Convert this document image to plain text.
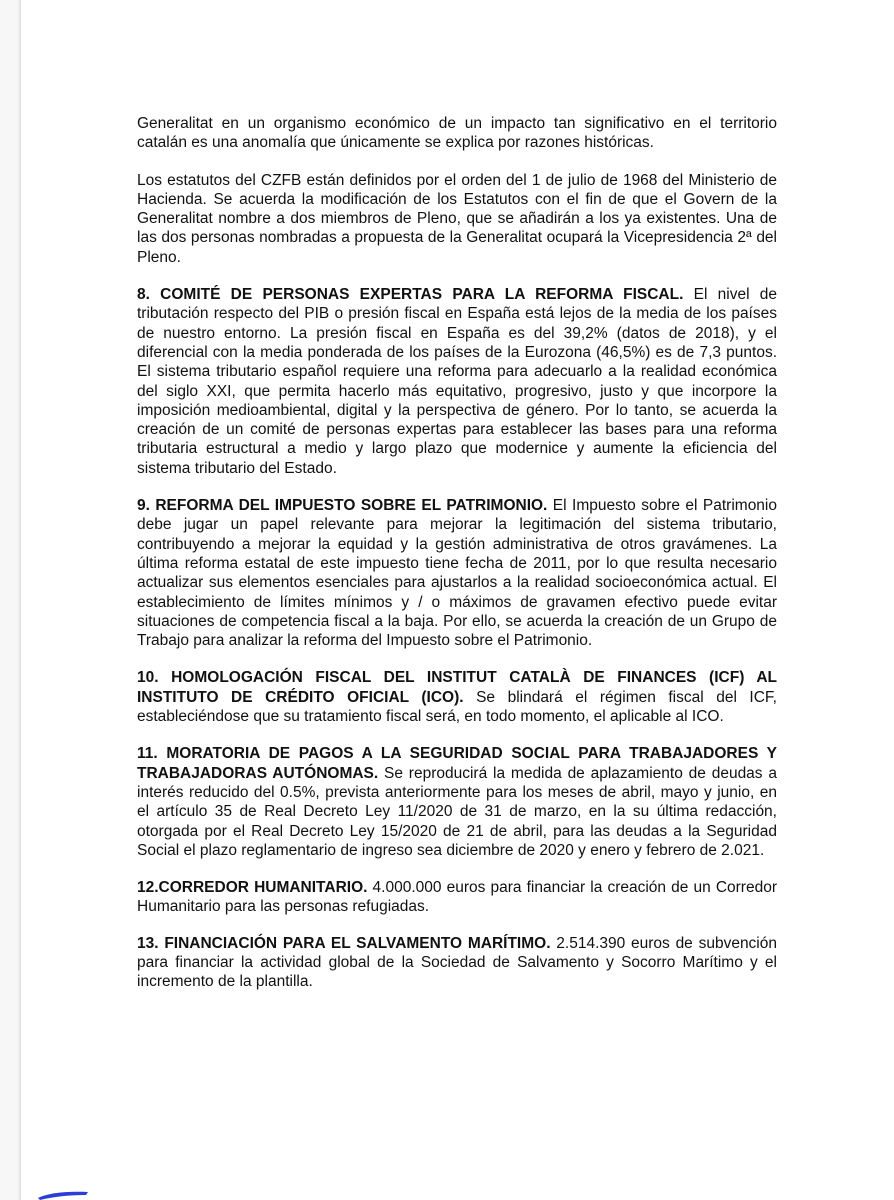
Generalitat en un organismo económico de un impacto tan significativo en el territorio catalán es una anomalía que únicamente se explica por razones históricas.

Los estatutos del CZFB están definidos por el orden del 1 de julio de 1968 del Ministerio de Hacienda. Se acuerda la modificación de los Estatutos con el fin de que el Govern de la Generalitat nombre a dos miembros de Pleno, que se añadirán a los ya existentes. Una de las dos personas nombradas a propuesta de la Generalitat ocupará la Vicepresidencia 2ª del Pleno.

8. COMITÉ DE PERSONAS EXPERTAS PARA LA REFORMA FISCAL. El nivel de tributación respecto del PIB o presión fiscal en España está lejos de la media de los países de nuestro entorno. La presión fiscal en España es del 39,2% (datos de 2018), y el diferencial con la media ponderada de los países de la Eurozona (46,5%) es de 7,3 puntos. El sistema tributario español requiere una reforma para adecuarlo a la realidad económica del siglo XXI, que permita hacerlo más equitativo, progresivo, justo y que incorpore la imposición medioambiental, digital y la perspectiva de género. Por lo tanto, se acuerda la creación de un comité de personas expertas para establecer las bases para una reforma tributaria estructural a medio y largo plazo que modernice y aumente la eficiencia del sistema tributario del Estado.

9. REFORMA DEL IMPUESTO SOBRE EL PATRIMONIO. El Impuesto sobre el Patrimonio debe jugar un papel relevante para mejorar la legitimación del sistema tributario, contribuyendo a mejorar la equidad y la gestión administrativa de otros gravámenes. La última reforma estatal de este impuesto tiene fecha de 2011, por lo que resulta necesario actualizar sus elementos esenciales para ajustarlos a la realidad socioeconómica actual. El establecimiento de límites mínimos y / o máximos de gravamen efectivo puede evitar situaciones de competencia fiscal a la baja. Por ello, se acuerda la creación de un Grupo de Trabajo para analizar la reforma del Impuesto sobre el Patrimonio.

10. HOMOLOGACIÓN FISCAL DEL INSTITUT CATALÀ DE FINANCES (ICF) AL INSTITUTO DE CRÉDITO OFICIAL (ICO). Se blindará el régimen fiscal del ICF, estableciéndose que su tratamiento fiscal será, en todo momento, el aplicable al ICO.

11. MORATORIA DE PAGOS A LA SEGURIDAD SOCIAL PARA TRABAJADORES Y TRABAJADORAS AUTÓNOMAS. Se reproducirá la medida de aplazamiento de deudas a interés reducido del 0.5%, prevista anteriormente para los meses de abril, mayo y junio, en el artículo 35 de Real Decreto Ley 11/2020 de 31 de marzo, en la su última redacción, otorgada por el Real Decreto Ley 15/2020 de 21 de abril, para las deudas a la Seguridad Social el plazo reglamentario de ingreso sea diciembre de 2020 y enero y febrero de 2.021.

12.CORREDOR HUMANITARIO. 4.000.000 euros para financiar la creación de un Corredor Humanitario para las personas refugiadas.

13. FINANCIACIÓN PARA EL SALVAMENTO MARÍTIMO. 2.514.390 euros de subvención para financiar la actividad global de la Sociedad de Salvamento y Socorro Marítimo y el incremento de la plantilla.
